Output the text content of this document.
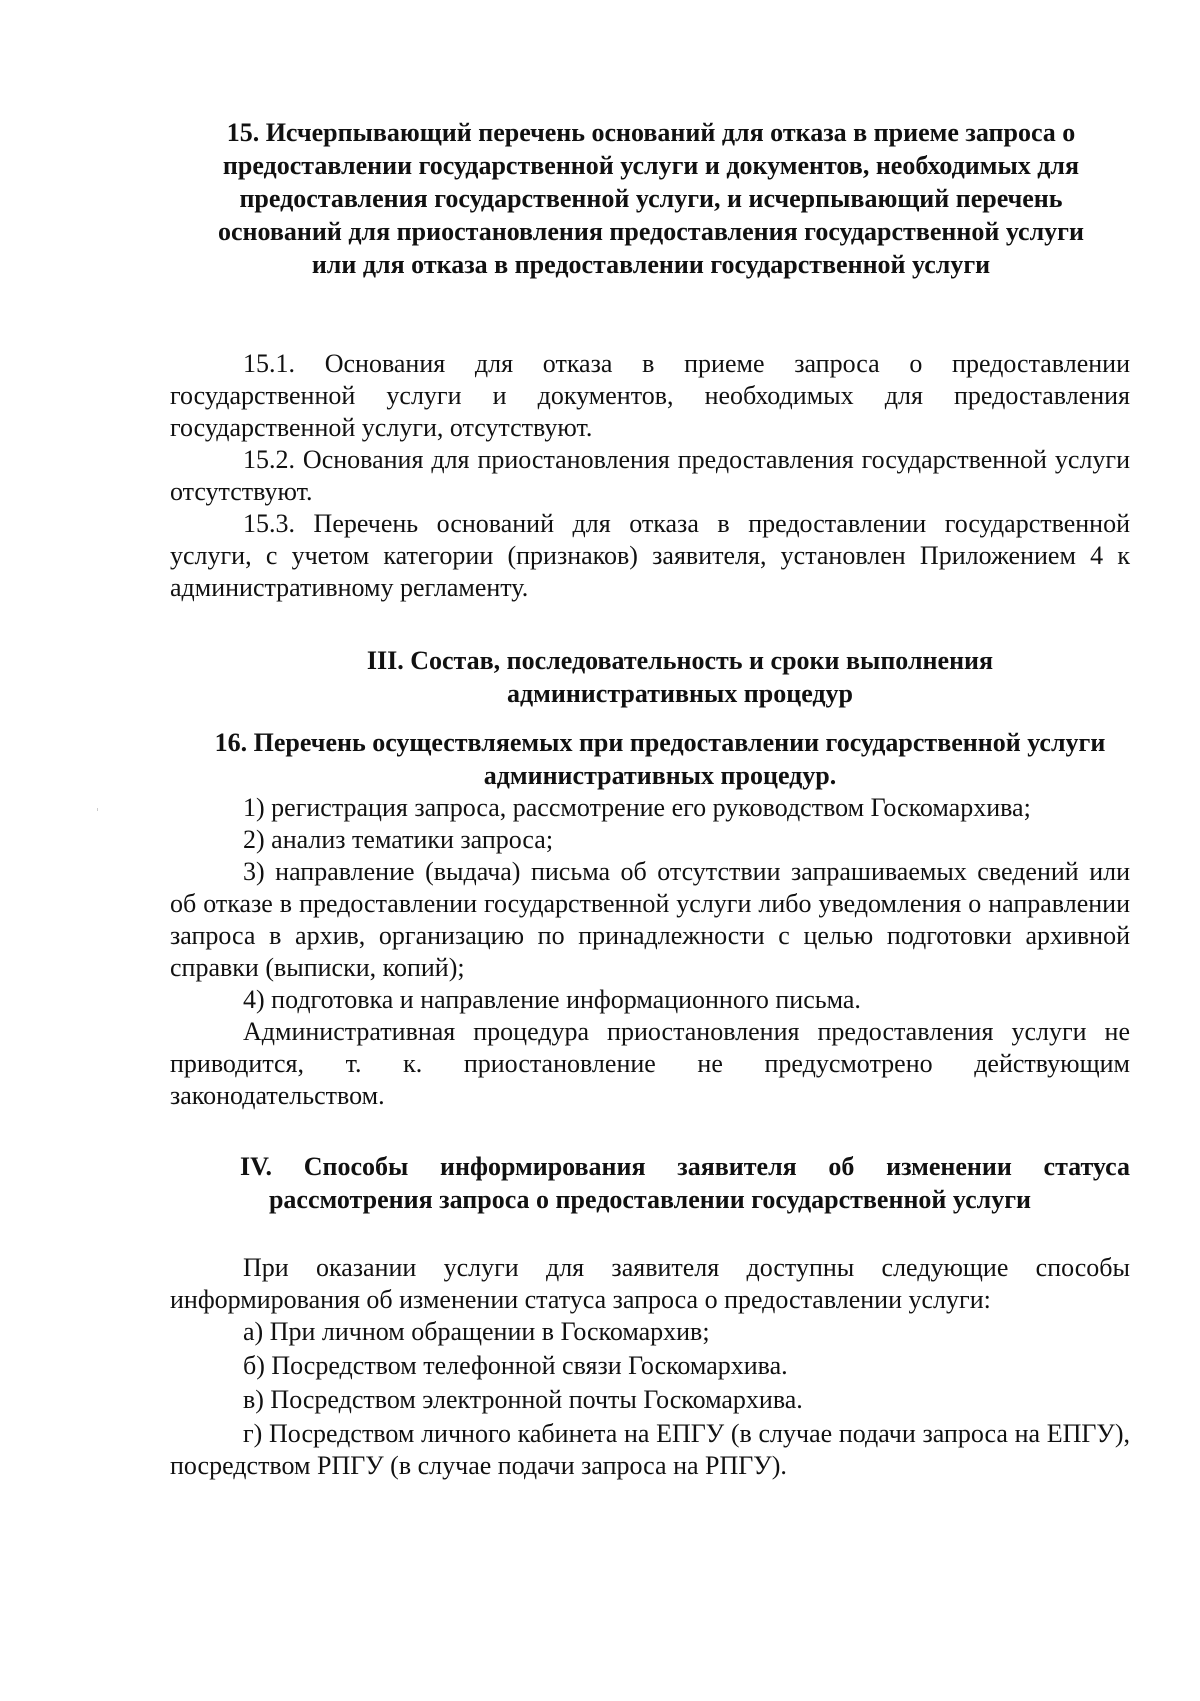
15. Исчерпывающий перечень оснований для отказа в приеме запроса о предоставлении государственной услуги и документов, необходимых для предоставления государственной услуги, и исчерпывающий перечень оснований для приостановления предоставления государственной услуги или для отказа в предоставлении государственной услуги

15.1. Основания для отказа в приеме запроса о предоставлении государственной услуги и документов, необходимых для предоставления государственной услуги, отсутствуют.

15.2. Основания для приостановления предоставления государственной услуги отсутствуют.

15.3. Перечень оснований для отказа в предоставлении государственной услуги, с учетом категории (признаков) заявителя, установлен Приложением 4 к административному регламенту.

III. Состав, последовательность и сроки выполнения административных процедур

16. Перечень осуществляемых при предоставлении государственной услуги административных процедур.

1) регистрация запроса, рассмотрение его руководством Госкомархива;

2) анализ тематики запроса;

3) направление (выдача) письма об отсутствии запрашиваемых сведений или об отказе в предоставлении государственной услуги либо уведомления о направлении запроса в архив, организацию по принадлежности с целью подготовки архивной справки (выписки, копий);

4) подготовка и направление информационного письма.

Административная процедура приостановления предоставления услуги не приводится, т. к. приостановление не предусмотрено действующим законодательством.

IV. Способы информирования заявителя об изменении статуса рассмотрения запроса о предоставлении государственной услуги

При оказании услуги для заявителя доступны следующие способы информирования об изменении статуса запроса о предоставлении услуги:

а) При личном обращении в Госкомархив;

б) Посредством телефонной связи Госкомархива.

в) Посредством электронной почты Госкомархива.

г) Посредством личного кабинета на ЕПГУ (в случае подачи запроса на ЕПГУ), посредством РПГУ (в случае подачи запроса на РПГУ).
